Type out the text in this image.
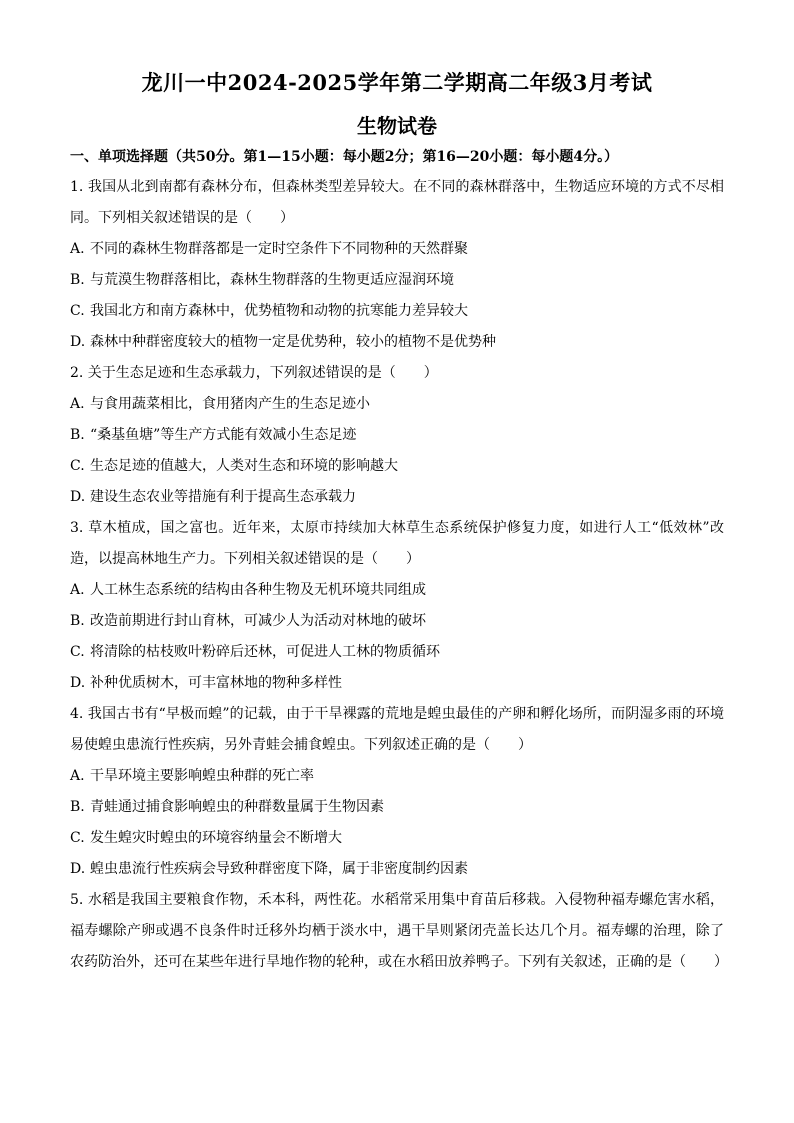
龙川一中2024-2025学年第二学期高二年级3月考试
生物试卷
一、单项选择题（共50分。第1—15小题：每小题2分；第16—20小题：每小题4分。）

1. 我国从北到南都有森林分布，但森林类型差异较大。在不同的森林群落中，生物适应环境的方式不尽相同。下列相关叙述错误的是（　　）

A. 不同的森林生物群落都是一定时空条件下不同物种的天然群聚

B. 与荒漠生物群落相比，森林生物群落的生物更适应湿润环境

C. 我国北方和南方森林中，优势植物和动物的抗寒能力差异较大

D. 森林中种群密度较大的植物一定是优势种，较小的植物不是优势种

2. 关于生态足迹和生态承载力，下列叙述错误的是（　　）

A. 与食用蔬菜相比，食用猪肉产生的生态足迹小

B. “桑基鱼塘”等生产方式能有效减小生态足迹

C. 生态足迹的值越大，人类对生态和环境的影响越大

D. 建设生态农业等措施有利于提高生态承载力

3. 草木植成，国之富也。近年来，太原市持续加大林草生态系统保护修复力度，如进行人工“低效林”改造，以提高林地生产力。下列相关叙述错误的是（　　）

A. 人工林生态系统的结构由各种生物及无机环境共同组成

B. 改造前期进行封山育林，可减少人为活动对林地的破坏

C. 将清除的枯枝败叶粉碎后还林，可促进人工林的物质循环

D. 补种优质树木，可丰富林地的物种多样性

4. 我国古书有“早极而蝗”的记载，由于干旱裸露的荒地是蝗虫最佳的产卵和孵化场所，而阴湿多雨的环境易使蝗虫患流行性疾病，另外青蛙会捕食蝗虫。下列叙述正确的是（　　）

A. 干旱环境主要影响蝗虫种群的死亡率

B. 青蛙通过捕食影响蝗虫的种群数量属于生物因素

C. 发生蝗灾时蝗虫的环境容纳量会不断增大

D. 蝗虫患流行性疾病会导致种群密度下降，属于非密度制约因素

5. 水稻是我国主要粮食作物，禾本科，两性花。水稻常采用集中育苗后移栽。入侵物种福寿螺危害水稻，福寿螺除产卵或遇不良条件时迁移外均栖于淡水中，遇干旱则紧闭壳盖长达几个月。福寿螺的治理，除了农药防治外，还可在某些年进行旱地作物的轮种，或在水稻田放养鸭子。下列有关叙述，正确的是（　　）
